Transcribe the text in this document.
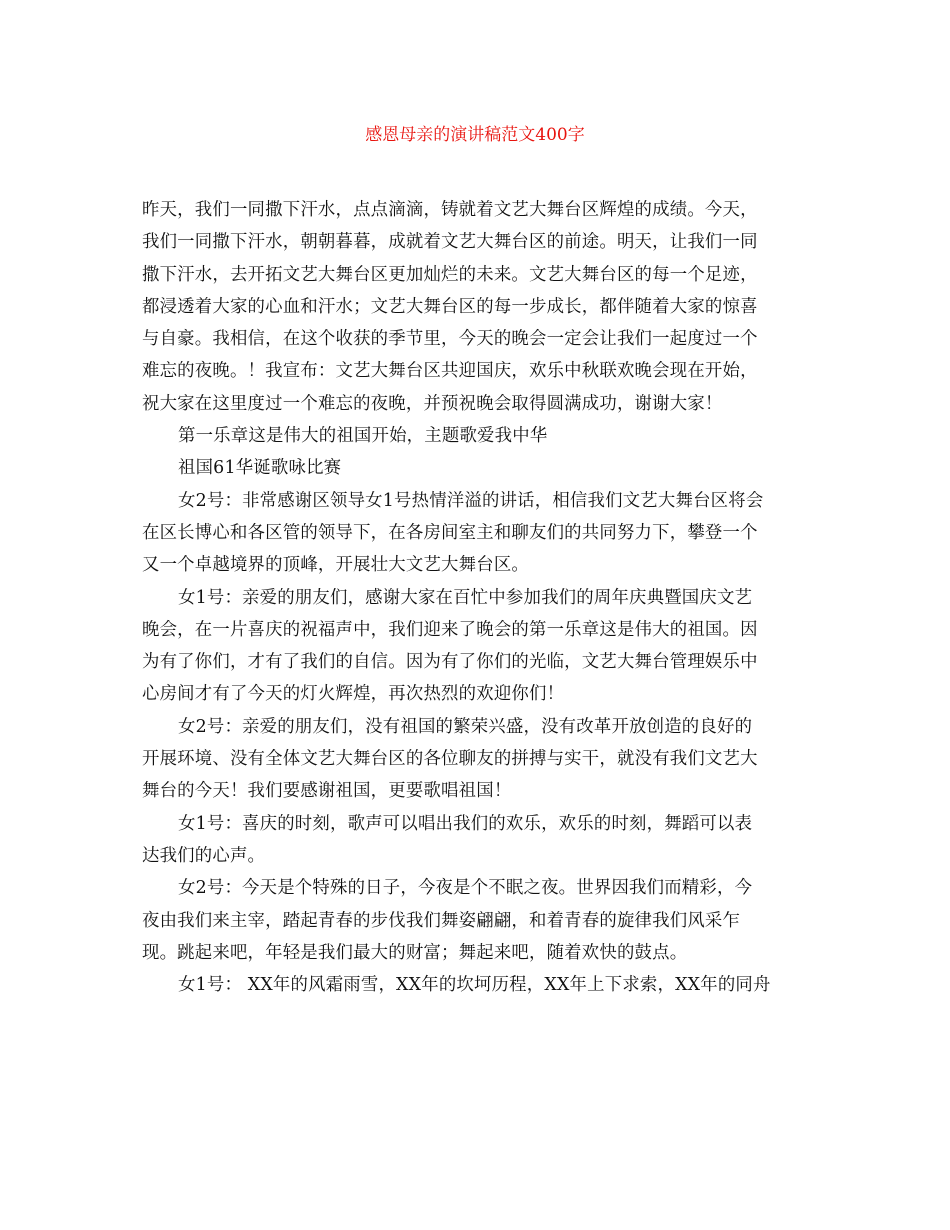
感恩母亲的演讲稿范文400字

昨天，我们一同撒下汗水，点点滴滴，铸就着文艺大舞台区辉煌的成绩。今天，
我们一同撒下汗水，朝朝暮暮，成就着文艺大舞台区的前途。明天，让我们一同
撒下汗水，去开拓文艺大舞台区更加灿烂的未来。文艺大舞台区的每一个足迹，
都浸透着大家的心血和汗水；文艺大舞台区的每一步成长，都伴随着大家的惊喜
与自豪。我相信，在这个收获的季节里，今天的晚会一定会让我们一起度过一个
难忘的夜晚。！我宣布：文艺大舞台区共迎国庆，欢乐中秋联欢晚会现在开始，
祝大家在这里度过一个难忘的夜晚，并预祝晚会取得圆满成功，谢谢大家！

第一乐章这是伟大的祖国开始，主题歌爱我中华

祖国61华诞歌咏比赛

女2号：非常感谢区领导女1号热情洋溢的讲话，相信我们文艺大舞台区将会
在区长博心和各区管的领导下，在各房间室主和聊友们的共同努力下，攀登一个
又一个卓越境界的顶峰，开展壮大文艺大舞台区。

女1号：亲爱的朋友们，感谢大家在百忙中参加我们的周年庆典暨国庆文艺
晚会，在一片喜庆的祝福声中，我们迎来了晚会的第一乐章这是伟大的祖国。因
为有了你们，才有了我们的自信。因为有了你们的光临，文艺大舞台管理娱乐中
心房间才有了今天的灯火辉煌，再次热烈的欢迎你们！

女2号：亲爱的朋友们，没有祖国的繁荣兴盛，没有改革开放创造的良好的
开展环境、没有全体文艺大舞台区的各位聊友的拼搏与实干，就没有我们文艺大
舞台的今天！我们要感谢祖国，更要歌唱祖国！

女1号：喜庆的时刻，歌声可以唱出我们的欢乐，欢乐的时刻，舞蹈可以表
达我们的心声。

女2号：今天是个特殊的日子，今夜是个不眠之夜。世界因我们而精彩，今
夜由我们来主宰，踏起青春的步伐我们舞姿翩翩，和着青春的旋律我们风采乍
现。跳起来吧，年轻是我们最大的财富；舞起来吧，随着欢快的鼓点。

女1号： XX年的风霜雨雪，XX年的坎坷历程，XX年上下求索，XX年的同舟
